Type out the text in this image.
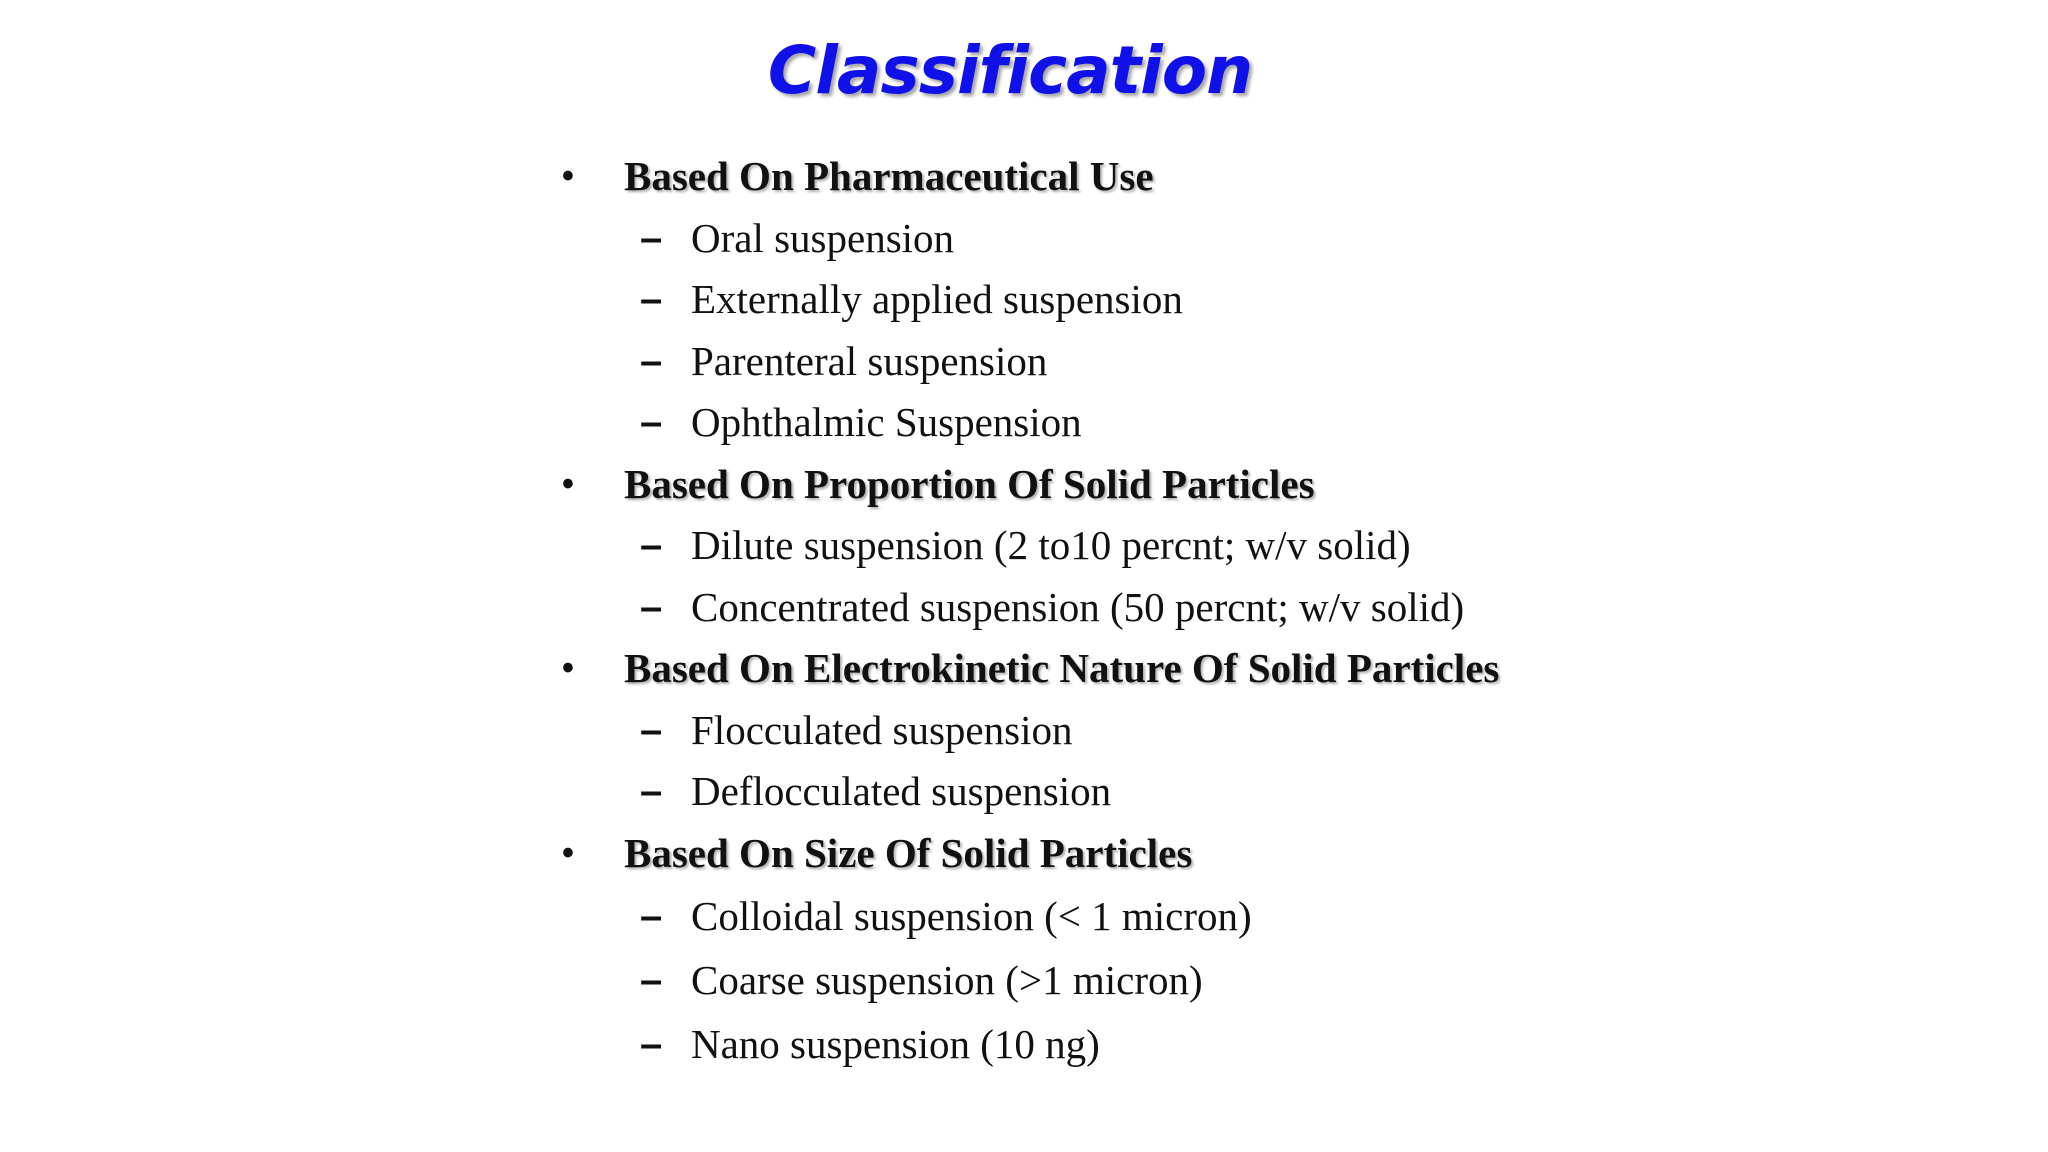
Classification
• Based On Pharmaceutical Use
– Oral suspension
– Externally applied suspension
– Parenteral suspension
– Ophthalmic Suspension
• Based On Proportion Of Solid Particles
– Dilute suspension (2 to10 percnt; w/v solid)
– Concentrated suspension (50 percnt; w/v solid)
• Based On Electrokinetic Nature Of Solid Particles
– Flocculated suspension
– Deflocculated suspension
• Based On Size Of Solid Particles
– Colloidal suspension (< 1 micron)
– Coarse suspension (>1 micron)
– Nano suspension (10 ng)
